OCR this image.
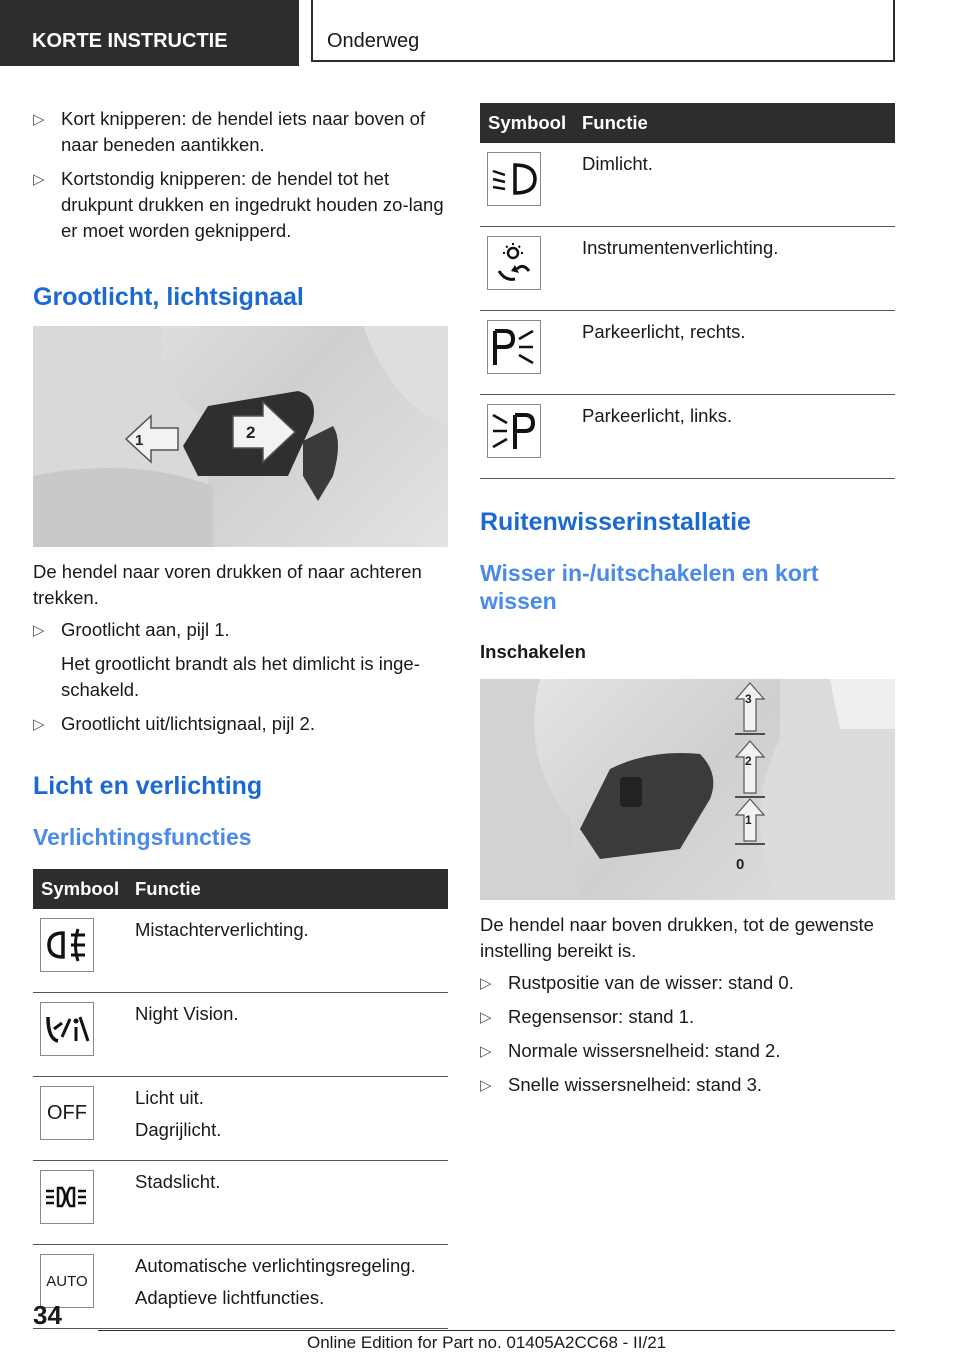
KORTE INSTRUCTIE	Onderweg
▷ Kort knipperen: de hendel iets naar boven of naar beneden aantikken.
▷ Kortstondig knipperen: de hendel tot het drukpunt drukken en ingedrukt houden zo‐lang er moet worden geknipperd.
Grootlicht, lichtsignaal
1	2

De hendel naar voren drukken of naar achteren trekken.

▷ Grootlicht aan, pijl 1.
Het grootlicht brandt als het dimlicht is inge‐schakeld.
▷ Grootlicht uit/lichtsignaal, pijl 2.
Licht en verlichting
Verlichtingsfuncties
Symbool	Functie

Mistachterverlichting.

Night Vision.

OFF	Licht uit.
Dagrijlicht.

Stadslicht.

AUTO	Automatische verlichtingsregeling.
Adaptieve lichtfuncties.
Symbool	Functie

Dimlicht.

Instrumentenverlichting.

Parkeerlicht, rechts.

Parkeerlicht, links.
Ruitenwisserinstallatie
Wisser in-/uitschakelen en kort wissen
Inschakelen
3
2
1
0

De hendel naar boven drukken, tot de gewenste instelling bereikt is.

▷ Rustpositie van de wisser: stand 0.
▷ Regensensor: stand 1.
▷ Normale wissersnelheid: stand 2.
▷ Snelle wissersnelheid: stand 3.
34
Online Edition for Part no. 01405A2CC68 - II/21
